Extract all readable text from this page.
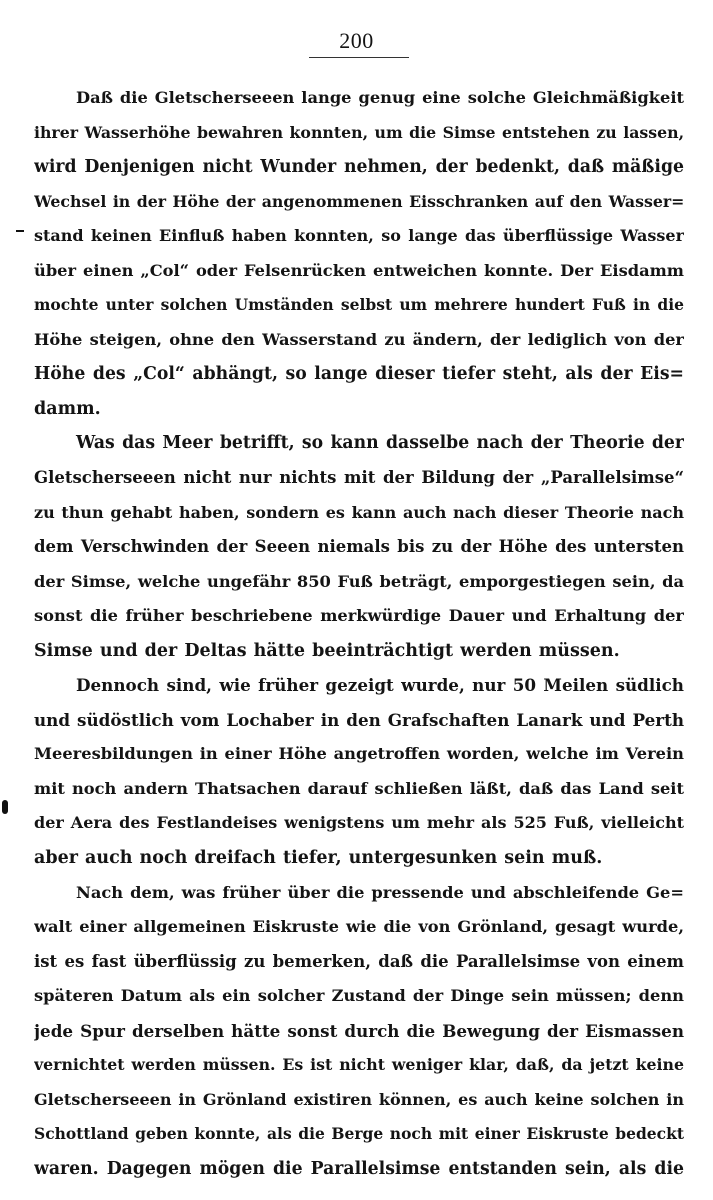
200
Daß die Gletscherseeen lange genug eine solche Gleichmäßigkeit
ihrer Wasserhöhe bewahren konnten, um die Simse entstehen zu lassen,
wird Denjenigen nicht Wunder nehmen, der bedenkt, daß mäßige
Wechsel in der Höhe der angenommenen Eisschranken auf den Wasser=
stand keinen Einfluß haben konnten, so lange das überflüssige Wasser
über einen „Col“ oder Felsenrücken entweichen konnte. Der Eisdamm
mochte unter solchen Umständen selbst um mehrere hundert Fuß in die
Höhe steigen, ohne den Wasserstand zu ändern, der lediglich von der
Höhe des „Col“ abhängt, so lange dieser tiefer steht, als der Eis=
damm.
Was das Meer betrifft, so kann dasselbe nach der Theorie der
Gletscherseeen nicht nur nichts mit der Bildung der „Parallelsimse“
zu thun gehabt haben, sondern es kann auch nach dieser Theorie nach
dem Verschwinden der Seeen niemals bis zu der Höhe des untersten
der Simse, welche ungefähr 850 Fuß beträgt, emporgestiegen sein, da
sonst die früher beschriebene merkwürdige Dauer und Erhaltung der
Simse und der Deltas hätte beeinträchtigt werden müssen.
Dennoch sind, wie früher gezeigt wurde, nur 50 Meilen südlich
und südöstlich vom Lochaber in den Grafschaften Lanark und Perth
Meeresbildungen in einer Höhe angetroffen worden, welche im Verein
mit noch andern Thatsachen darauf schließen läßt, daß das Land seit
der Aera des Festlandeises wenigstens um mehr als 525 Fuß, vielleicht
aber auch noch dreifach tiefer, untergesunken sein muß.
Nach dem, was früher über die pressende und abschleifende Ge=
walt einer allgemeinen Eiskruste wie die von Grönland, gesagt wurde,
ist es fast überflüssig zu bemerken, daß die Parallelsimse von einem
späteren Datum als ein solcher Zustand der Dinge sein müssen; denn
jede Spur derselben hätte sonst durch die Bewegung der Eismassen
vernichtet werden müssen. Es ist nicht weniger klar, daß, da jetzt keine
Gletscherseeen in Grönland existiren können, es auch keine solchen in
Schottland geben konnte, als die Berge noch mit einer Eiskruste bedeckt
waren. Dagegen mögen die Parallelsimse entstanden sein, als die
